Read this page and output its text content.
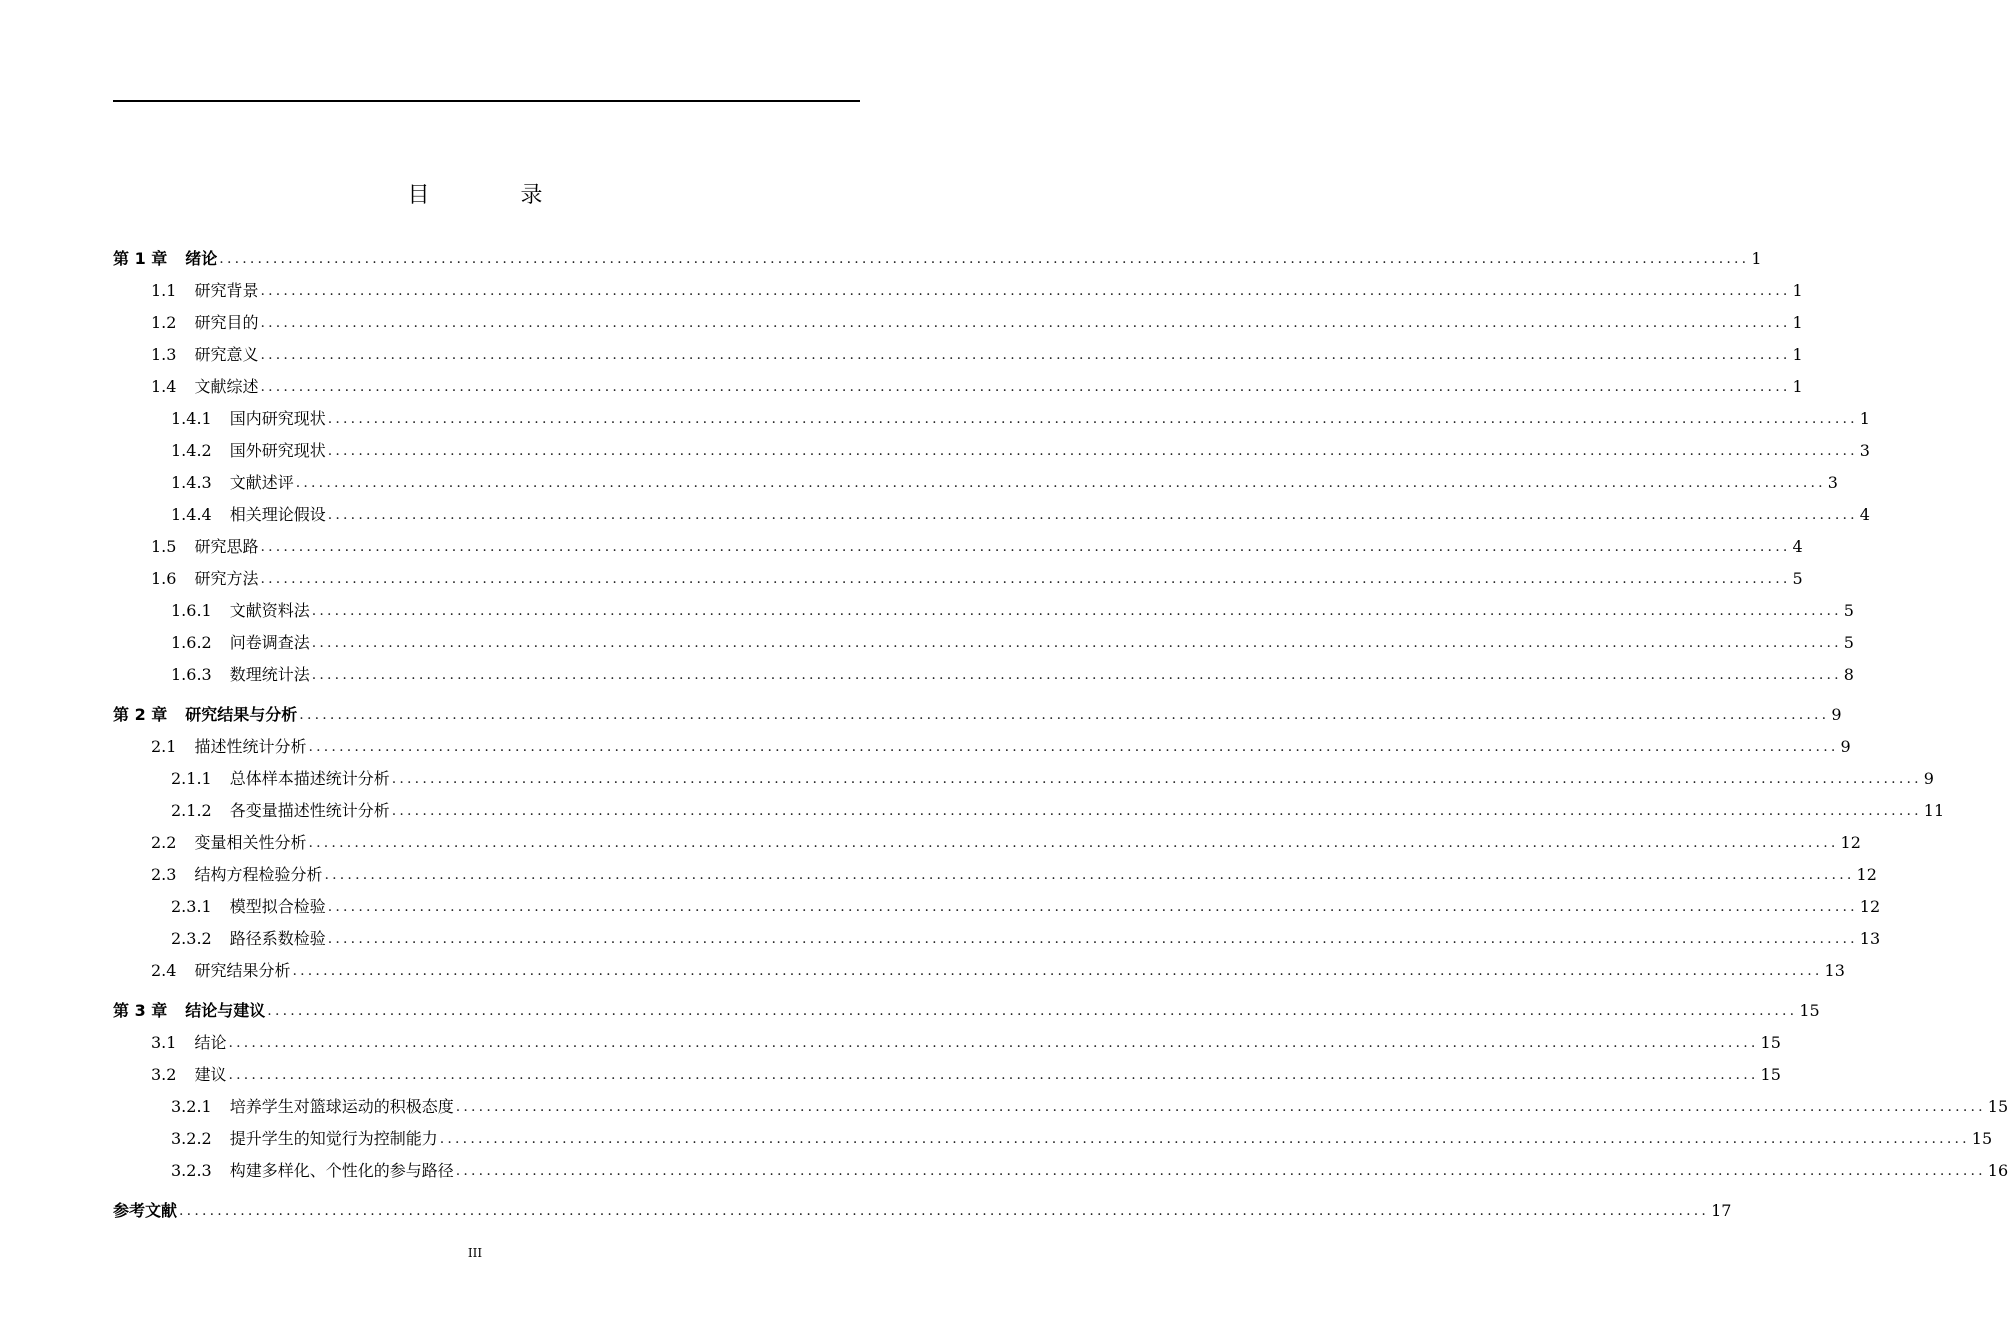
目 录
第 1 章 绪论 ........................................................................................................................................................................................................ 1
1.1 研究背景 ........................................................................................................................................................................................................ 1
1.2 研究目的 ........................................................................................................................................................................................................ 1
1.3 研究意义 ........................................................................................................................................................................................................ 1
1.4 文献综述 ........................................................................................................................................................................................................ 1
1.4.1 国内研究现状 ........................................................................................................................................................................................................ 1
1.4.2 国外研究现状 ........................................................................................................................................................................................................ 3
1.4.3 文献述评 ........................................................................................................................................................................................................ 3
1.4.4 相关理论假设 ........................................................................................................................................................................................................ 4
1.5 研究思路 ........................................................................................................................................................................................................ 4
1.6 研究方法 ........................................................................................................................................................................................................ 5
1.6.1 文献资料法 ........................................................................................................................................................................................................ 5
1.6.2 问卷调查法 ........................................................................................................................................................................................................ 5
1.6.3 数理统计法 ........................................................................................................................................................................................................ 8
第 2 章 研究结果与分析 ........................................................................................................................................................................................................ 9
2.1 描述性统计分析 ........................................................................................................................................................................................................ 9
2.1.1 总体样本描述统计分析 ........................................................................................................................................................................................................ 9
2.1.2 各变量描述性统计分析 ........................................................................................................................................................................................................ 11
2.2 变量相关性分析 ........................................................................................................................................................................................................ 12
2.3 结构方程检验分析 ........................................................................................................................................................................................................ 12
2.3.1 模型拟合检验 ........................................................................................................................................................................................................ 12
2.3.2 路径系数检验 ........................................................................................................................................................................................................ 13
2.4 研究结果分析 ........................................................................................................................................................................................................ 13
第 3 章 结论与建议 ........................................................................................................................................................................................................ 15
3.1 结论 ........................................................................................................................................................................................................ 15
3.2 建议 ........................................................................................................................................................................................................ 15
3.2.1 培养学生对篮球运动的积极态度 ........................................................................................................................................................................................................ 15
3.2.2 提升学生的知觉行为控制能力 ........................................................................................................................................................................................................ 15
3.2.3 构建多样化、个性化的参与路径 ........................................................................................................................................................................................................ 16
参考文献 ........................................................................................................................................................................................................ 17
III
